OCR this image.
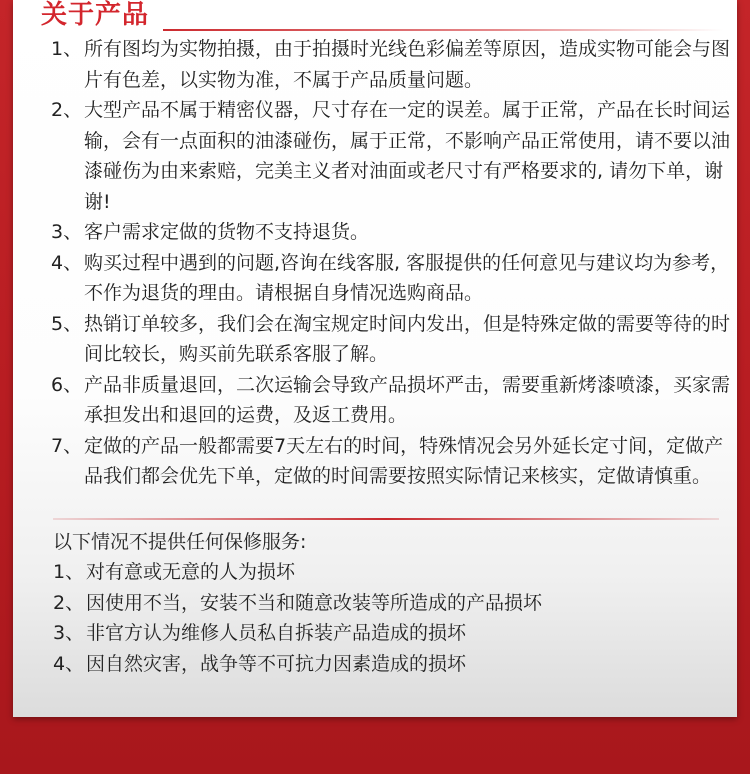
关于产品
1、 所有图均为实物拍摄，由于拍摄时光线色彩偏差等原因，造成实物可能会与图片有色差，以实物为准，不属于产品质量问题。
2、 大型产品不属于精密仪器，尺寸存在一定的误差。属于正常，产品在长时间运输，会有一点面积的油漆碰伤，属于正常，不影响产品正常使用，请不要以油漆碰伤为由来索赔，完美主义者对油面或老尺寸有严格要求的, 请勿下单，谢谢!
3、 客户需求定做的货物不支持退货。
4、 购买过程中遇到的问题,咨询在线客服, 客服提供的任何意见与建议均为参考，不作为退货的理由。请根据自身情况选购商品。
5、 热销订单较多，我们会在淘宝规定时间内发出，但是特殊定做的需要等待的时间比较长，购买前先联系客服了解。
6、 产品非质量退回，二次运输会导致产品损坏严击，需要重新烤漆喷漆，买家需承担发出和退回的运费，及返工费用。
7、 定做的产品一般都需要7天左右的时间，特殊情况会另外延长定寸间，定做产品我们都会优先下单，定做的时间需要按照实际情记来核实，定做请慎重。
以下情况不提供任何保修服务:
1、 对有意或无意的人为损坏
2、 因使用不当，安装不当和随意改装等所造成的产品损坏
3、 非官方认为维修人员私自拆装产品造成的损坏
4、 因自然灾害，战争等不可抗力因素造成的损坏
